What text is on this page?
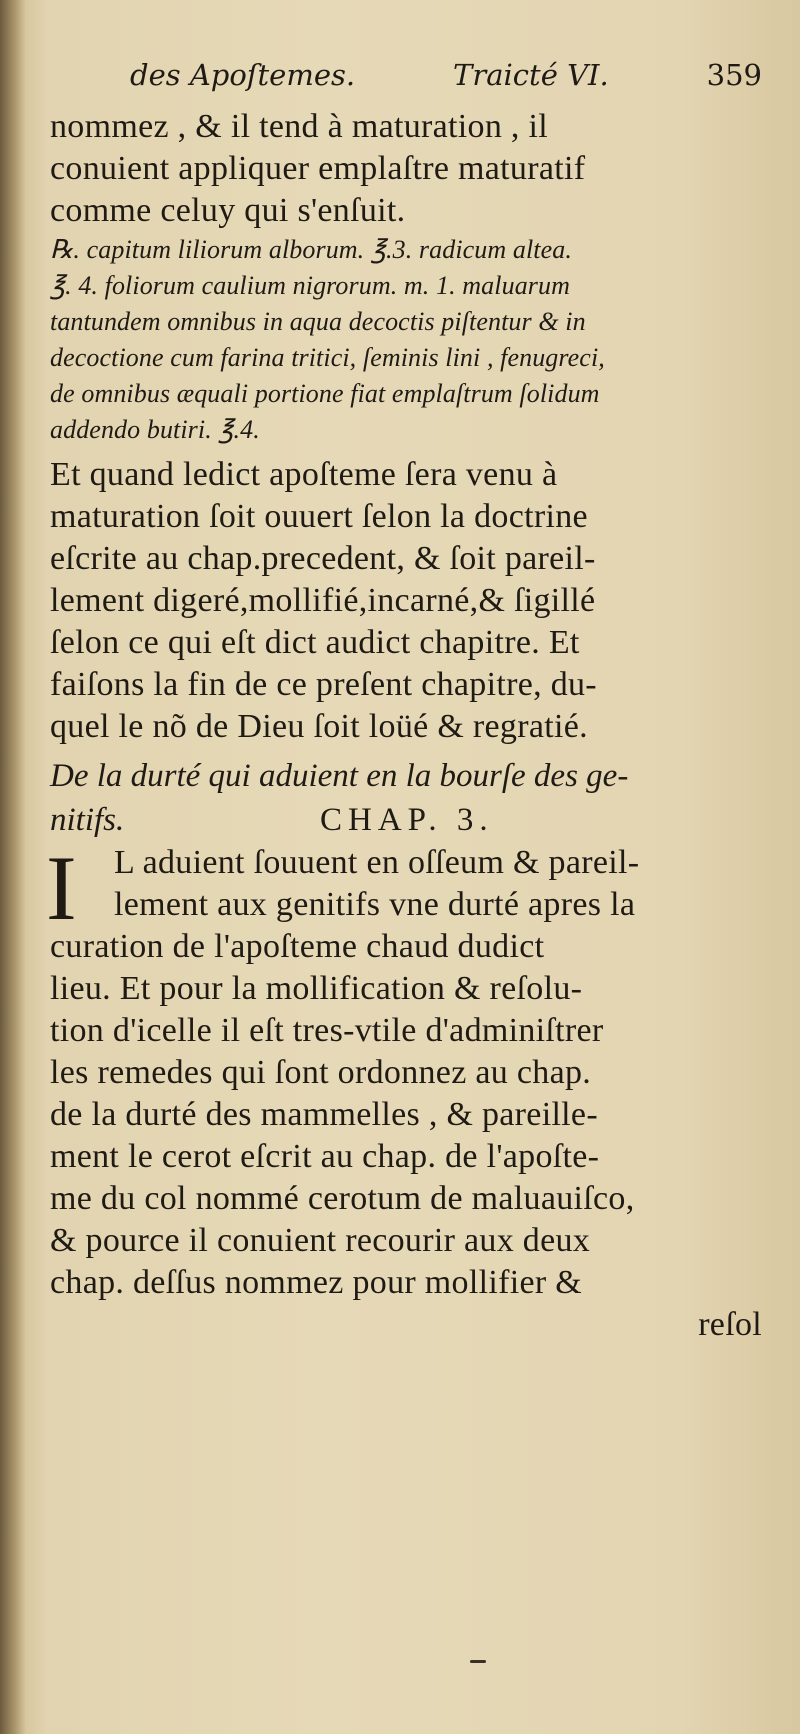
des Apoſtemes.	Traicté VI.	359
nommez , & il tend à maturation , il
conuient appliquer emplaſtre maturatif
comme celuy qui s'enſuit.
℞. capitum liliorum alborum. ℥.3. radicum altea.
℥. 4. foliorum caulium nigrorum. m. 1. maluarum
tantundem omnibus in aqua decoctis piſtentur & in
decoctione cum farina tritici, ſeminis lini , fenugreci,
de omnibus æquali portione fiat emplaſtrum ſolidum
addendo butiri. ℥.4.
Et quand ledict apoſteme ſera venu à
maturation ſoit ouuert ſelon la doctrine
eſcrite au chap.precedent, & ſoit pareil-
lement digeré,mollifié,incarné,& ſigillé
ſelon ce qui eſt dict audict chapitre. Et
faiſons la fin de ce preſent chapitre, du-
quel le nõ de Dieu ſoit loüé & regratié.
De la durté qui aduient en la bourſe des ge-
nitifs.	CHAP. 3.
I	L aduient ſouuent en oſſeum & pareil-
lement aux genitifs vne durté apres la
curation de l'apoſteme chaud dudict
lieu. Et pour la mollification & reſolu-
tion d'icelle il eſt tres-vtile d'adminiſtrer
les remedes qui ſont ordonnez au chap.
de la durté des mammelles , & pareille-
ment le cerot eſcrit au chap. de l'apoſte-
me du col nommé cerotum de maluauiſco,
& pource il conuient recourir aux deux
chap. deſſus nommez pour mollifier &
reſol
